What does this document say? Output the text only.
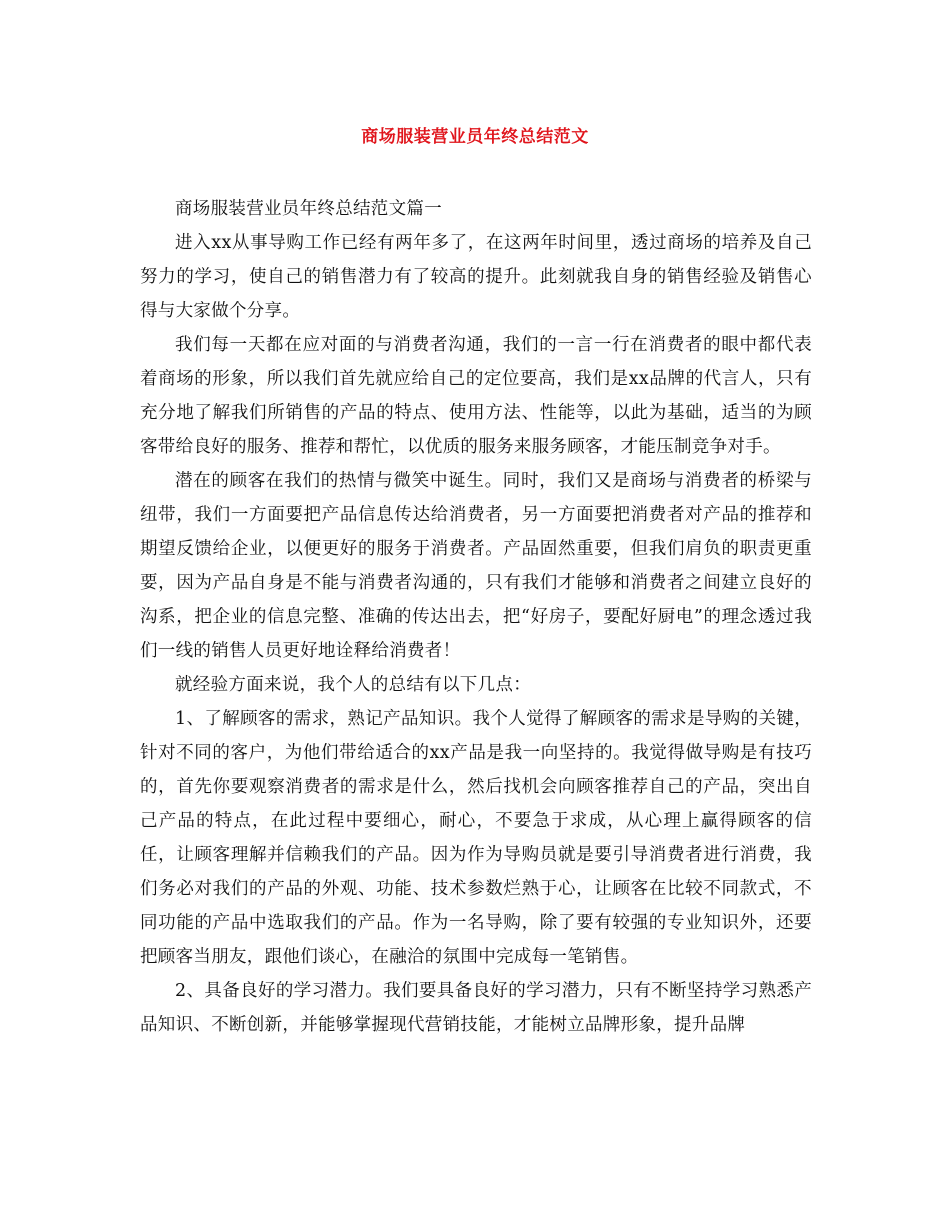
商场服装营业员年终总结范文

商场服装营业员年终总结范文篇一

进入xx从事导购工作已经有两年多了，在这两年时间里，透过商场的培养及自己努力的学习，使自己的销售潜力有了较高的提升。此刻就我自身的销售经验及销售心得与大家做个分享。

我们每一天都在应对面的与消费者沟通，我们的一言一行在消费者的眼中都代表着商场的形象，所以我们首先就应给自己的定位要高，我们是xx品牌的代言人，只有充分地了解我们所销售的产品的特点、使用方法、性能等，以此为基础，适当的为顾客带给良好的服务、推荐和帮忙，以优质的服务来服务顾客，才能压制竞争对手。

潜在的顾客在我们的热情与微笑中诞生。同时，我们又是商场与消费者的桥梁与纽带，我们一方面要把产品信息传达给消费者，另一方面要把消费者对产品的推荐和期望反馈给企业，以便更好的服务于消费者。产品固然重要，但我们肩负的职责更重要，因为产品自身是不能与消费者沟通的，只有我们才能够和消费者之间建立良好的沟系，把企业的信息完整、准确的传达出去，把“好房子，要配好厨电”的理念透过我们一线的销售人员更好地诠释给消费者！

就经验方面来说，我个人的总结有以下几点：

1、了解顾客的需求，熟记产品知识。我个人觉得了解顾客的需求是导购的关键，针对不同的客户，为他们带给适合的xx产品是我一向坚持的。我觉得做导购是有技巧的，首先你要观察消费者的需求是什么，然后找机会向顾客推荐自己的产品，突出自己产品的特点，在此过程中要细心，耐心，不要急于求成，从心理上赢得顾客的信任，让顾客理解并信赖我们的产品。因为作为导购员就是要引导消费者进行消费，我们务必对我们的产品的外观、功能、技术参数烂熟于心，让顾客在比较不同款式，不同功能的产品中选取我们的产品。作为一名导购，除了要有较强的专业知识外，还要把顾客当朋友，跟他们谈心，在融洽的氛围中完成每一笔销售。

2、具备良好的学习潜力。我们要具备良好的学习潜力，只有不断坚持学习熟悉产品知识、不断创新，并能够掌握现代营销技能，才能树立品牌形象，提升品牌
